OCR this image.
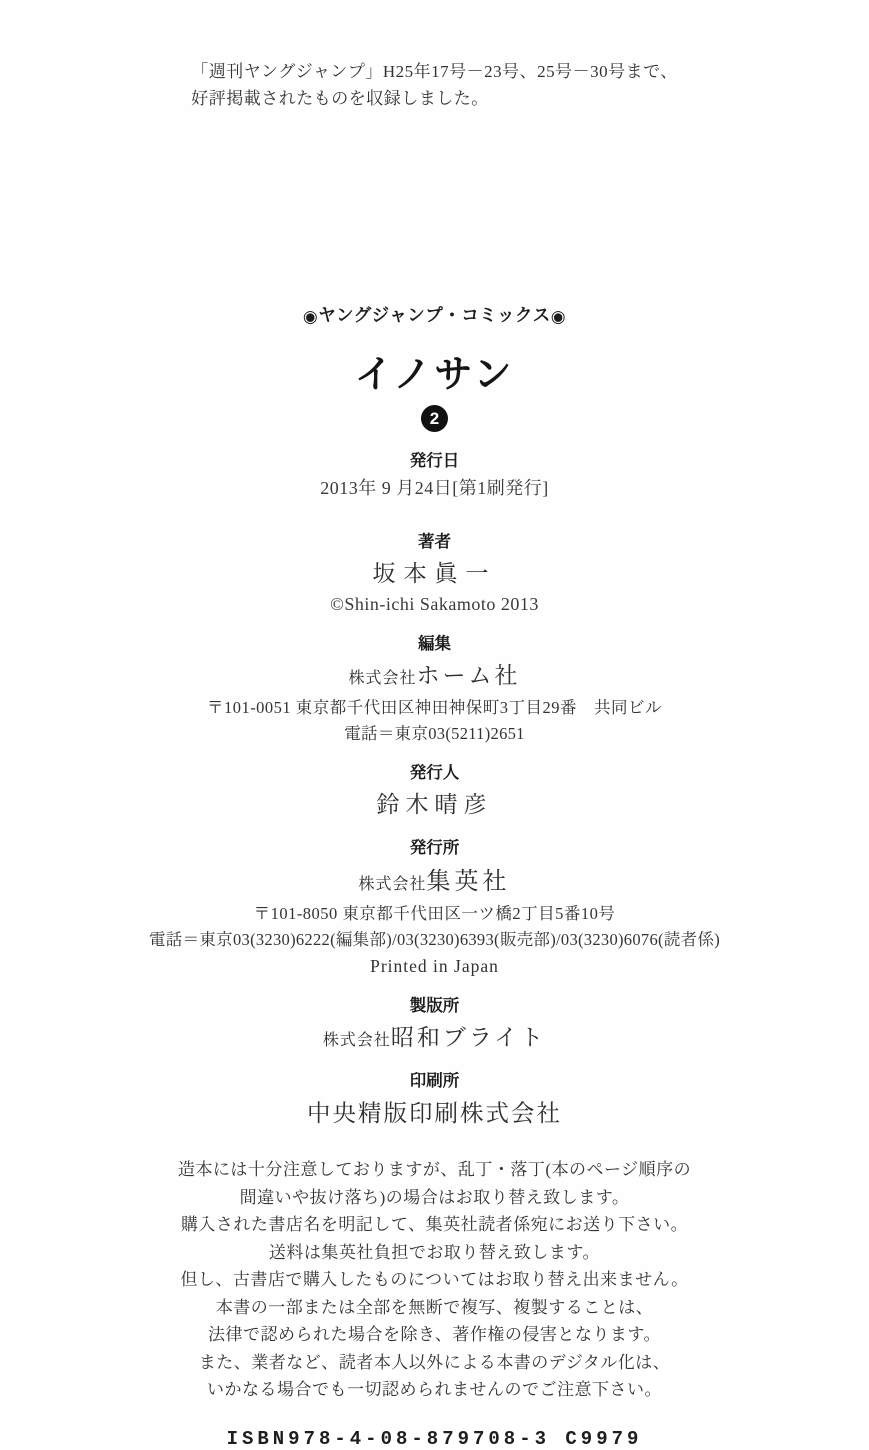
「週刊ヤングジャンプ」H25年17号－23号、25号－30号まで、
好評掲載されたものを収録しました。
◉ヤングジャンプ・コミックス◉
イノサン
2
発行日
2013年 9 月24日[第1刷発行]
著者
坂本眞一
©Shin-ichi Sakamoto 2013
編集
株式会社ホーム社
〒101-0051 東京都千代田区神田神保町3丁目29番　共同ビル
電話＝東京03(5211)2651
発行人
鈴木晴彦
発行所
株式会社集英社
〒101-8050 東京都千代田区一ツ橋2丁目5番10号
電話＝東京03(3230)6222(編集部)/03(3230)6393(販売部)/03(3230)6076(読者係)
Printed in Japan
製版所
株式会社昭和ブライト
印刷所
中央精版印刷株式会社
造本には十分注意しておりますが、乱丁・落丁(本のページ順序の
間違いや抜け落ち)の場合はお取り替え致します。
購入された書店名を明記して、集英社読者係宛にお送り下さい。
送料は集英社負担でお取り替え致します。
但し、古書店で購入したものについてはお取り替え出来ません。
本書の一部または全部を無断で複写、複製することは、
法律で認められた場合を除き、著作権の侵害となります。
また、業者など、読者本人以外による本書のデジタル化は、
いかなる場合でも一切認められませんのでご注意下さい。
ISBN978-4-08-879708-3 C9979
